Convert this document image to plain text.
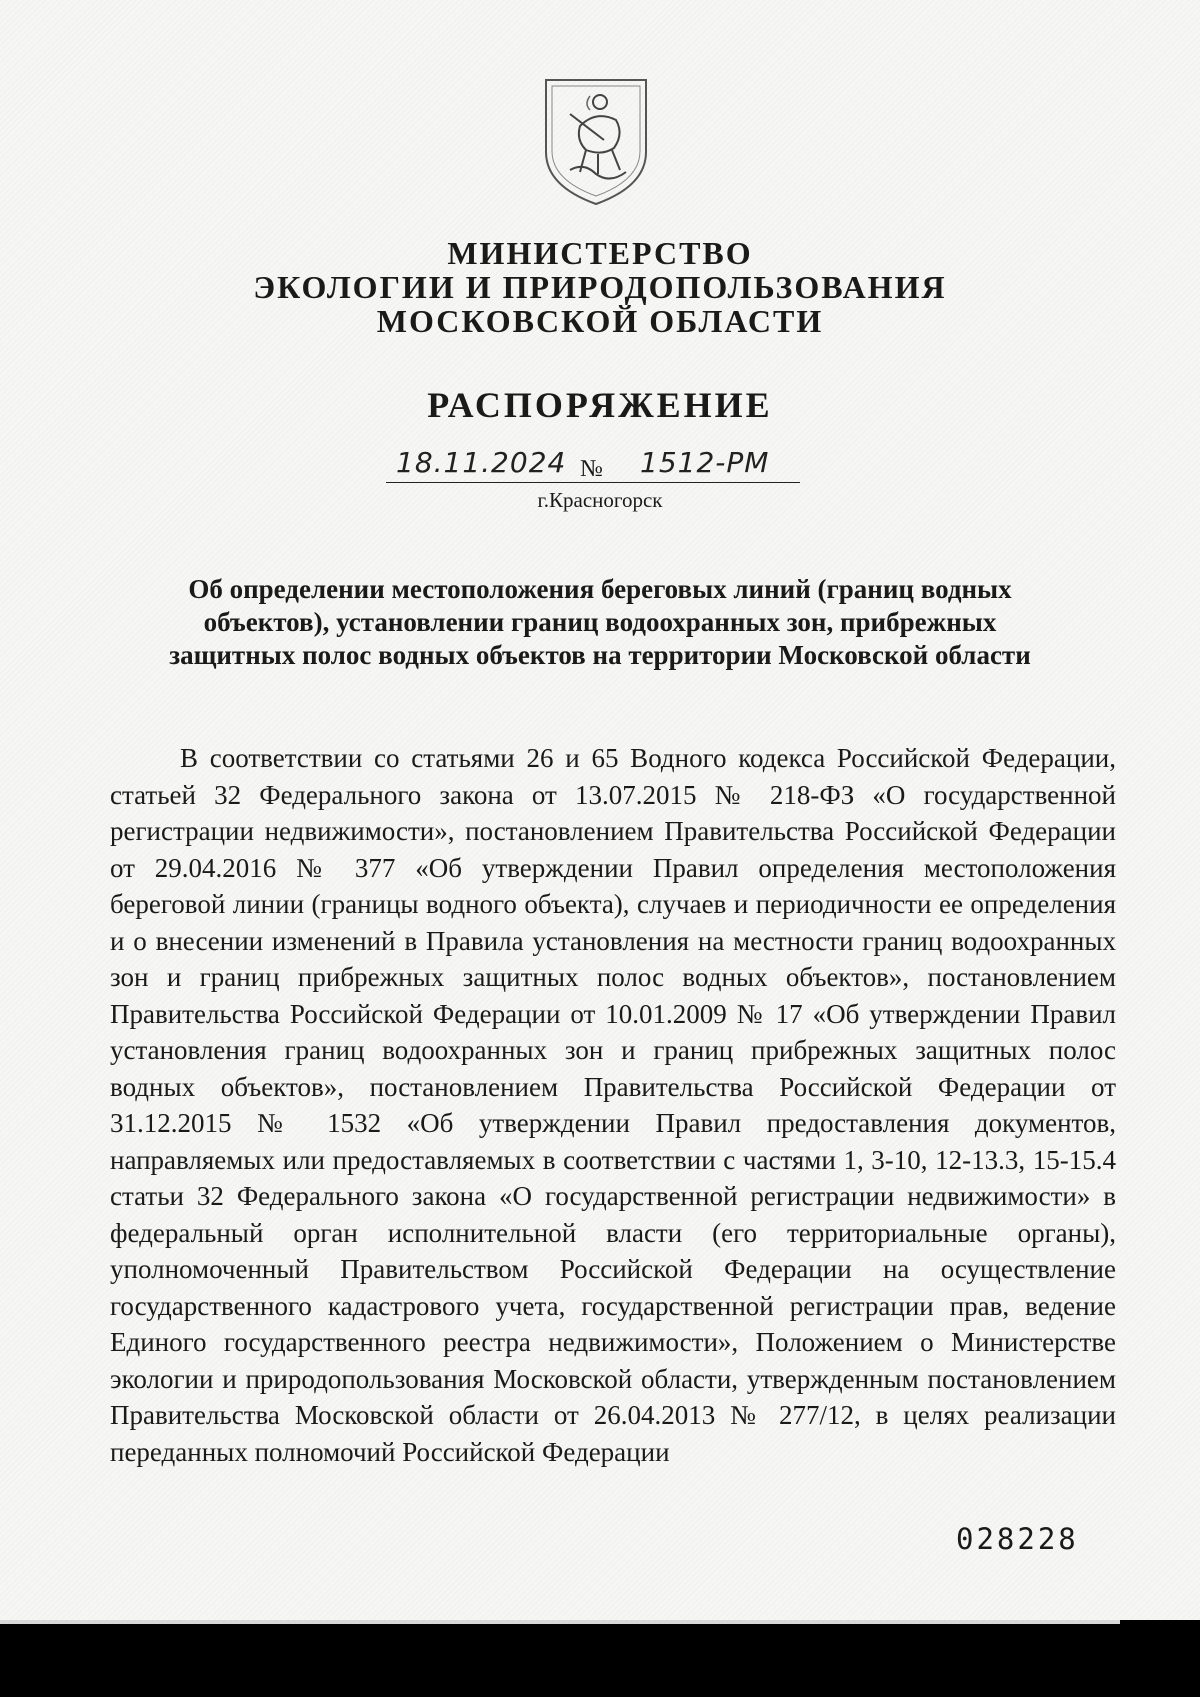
МИНИСТЕРСТВО
ЭКОЛОГИИ И ПРИРОДОПОЛЬЗОВАНИЯ
МОСКОВСКОЙ ОБЛАСТИ
РАСПОРЯЖЕНИЕ
18.11.2024 № 1512-РМ
г.Красногорск
Об определении местоположения береговых линий (границ водных объектов), установлении границ водоохранных зон, прибрежных защитных полос водных объектов на территории Московской области

В соответствии со статьями 26 и 65 Водного кодекса Российской Федерации, статьей 32 Федерального закона от 13.07.2015 № 218-ФЗ «О государственной регистрации недвижимости», постановлением Правительства Российской Федерации от 29.04.2016 № 377 «Об утверждении Правил определения местоположения береговой линии (границы водного объекта), случаев и периодичности ее определения и о внесении изменений в Правила установления на местности границ водоохранных зон и границ прибрежных защитных полос водных объектов», постановлением Правительства Российской Федерации от 10.01.2009 № 17 «Об утверждении Правил установления границ водоохранных зон и границ прибрежных защитных полос водных объектов», постановлением Правительства Российской Федерации от 31.12.2015 № 1532 «Об утверждении Правил предоставления документов, направляемых или предоставляемых в соответствии с частями 1, 3-10, 12-13.3, 15-15.4 статьи 32 Федерального закона «О государственной регистрации недвижимости» в федеральный орган исполнительной власти (его территориальные органы), уполномоченный Правительством Российской Федерации на осуществление государственного кадастрового учета, государственной регистрации прав, ведение Единого государственного реестра недвижимости», Положением о Министерстве экологии и природопользования Московской области, утвержденным постановлением Правительства Московской области от 26.04.2013 № 277/12, в целях реализации переданных полномочий Российской Федерации

028228
